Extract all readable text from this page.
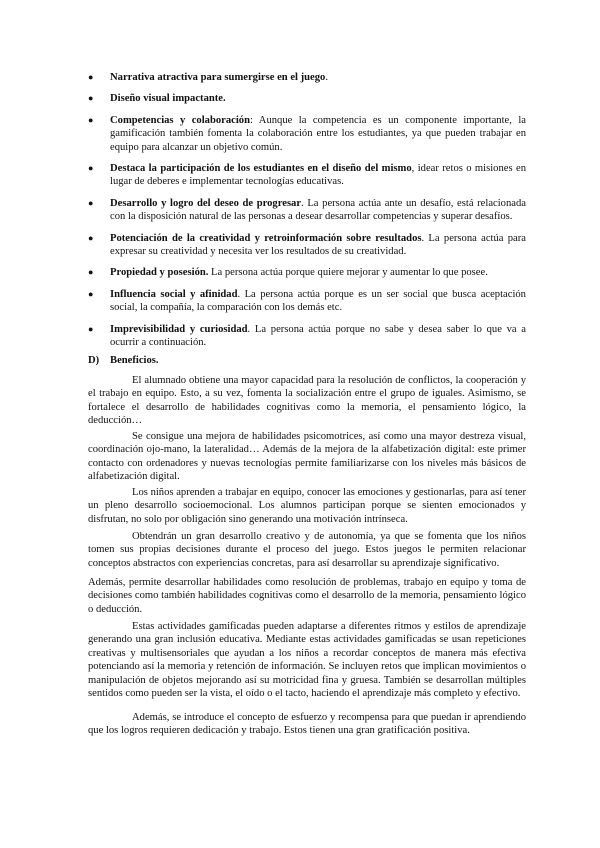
● Narrativa atractiva para sumergirse en el juego.
● Diseño visual impactante.
● Competencias y colaboración: Aunque la competencia es un componente importante, la gamificación también fomenta la colaboración entre los estudiantes, ya que pueden trabajar en equipo para alcanzar un objetivo común.
● Destaca la participación de los estudiantes en el diseño del mismo, idear retos o misiones en lugar de deberes e implementar tecnologías educativas.
● Desarrollo y logro del deseo de progresar. La persona actúa ante un desafío, está relacionada con la disposición natural de las personas a desear desarrollar competencias y superar desafíos.
● Potenciación de la creatividad y retroinformación sobre resultados. La persona actúa para expresar su creatividad y necesita ver los resultados de su creatividad.
● Propiedad y posesión. La persona actúa porque quiere mejorar y aumentar lo que posee.
● Influencia social y afinidad. La persona actúa porque es un ser social que busca aceptación social, la compañía, la comparación con los demás etc.
● Imprevisibilidad y curiosidad. La persona actúa porque no sabe y desea saber lo que va a ocurrir a continuación.
D) Beneficios.

El alumnado obtiene una mayor capacidad para la resolución de conflictos, la cooperación y el trabajo en equipo. Esto, a su vez, fomenta la socialización entre el grupo de iguales. Asimismo, se fortalece el desarrollo de habilidades cognitivas como la memoria, el pensamiento lógico, la deducción…

Se consigue una mejora de habilidades psicomotrices, así como una mayor destreza visual, coordinación ojo-mano, la lateralidad… Además de la mejora de la alfabetización digital: este primer contacto con ordenadores y nuevas tecnologías permite familiarizarse con los niveles más básicos de alfabetización digital.

Los niños aprenden a trabajar en equipo, conocer las emociones y gestionarlas, para así tener un pleno desarrollo socioemocional. Los alumnos participan porque se sienten emocionados y disfrutan, no solo por obligación sino generando una motivación intrínseca.

Obtendrán un gran desarrollo creativo y de autonomía, ya que se fomenta que los niños tomen sus propias decisiones durante el proceso del juego. Estos juegos le permiten relacionar conceptos abstractos con experiencias concretas, para así desarrollar su aprendizaje significativo.

Además, permite desarrollar habilidades como resolución de problemas, trabajo en equipo y toma de decisiones como también habilidades cognitivas como el desarrollo de la memoria, pensamiento lógico o deducción.

Estas actividades gamificadas pueden adaptarse a diferentes ritmos y estilos de aprendizaje generando una gran inclusión educativa. Mediante estas actividades gamificadas se usan repeticiones creativas y multisensoriales que ayudan a los niños a recordar conceptos de manera más efectiva potenciando así la memoria y retención de información. Se incluyen retos que implican movimientos o manipulación de objetos mejorando así su motricidad fina y gruesa. También se desarrollan múltiples sentidos como pueden ser la vista, el oído o el tacto, haciendo el aprendizaje más completo y efectivo.

Además, se introduce el concepto de esfuerzo y recompensa para que puedan ir aprendiendo que los logros requieren dedicación y trabajo. Estos tienen una gran gratificación positiva.
